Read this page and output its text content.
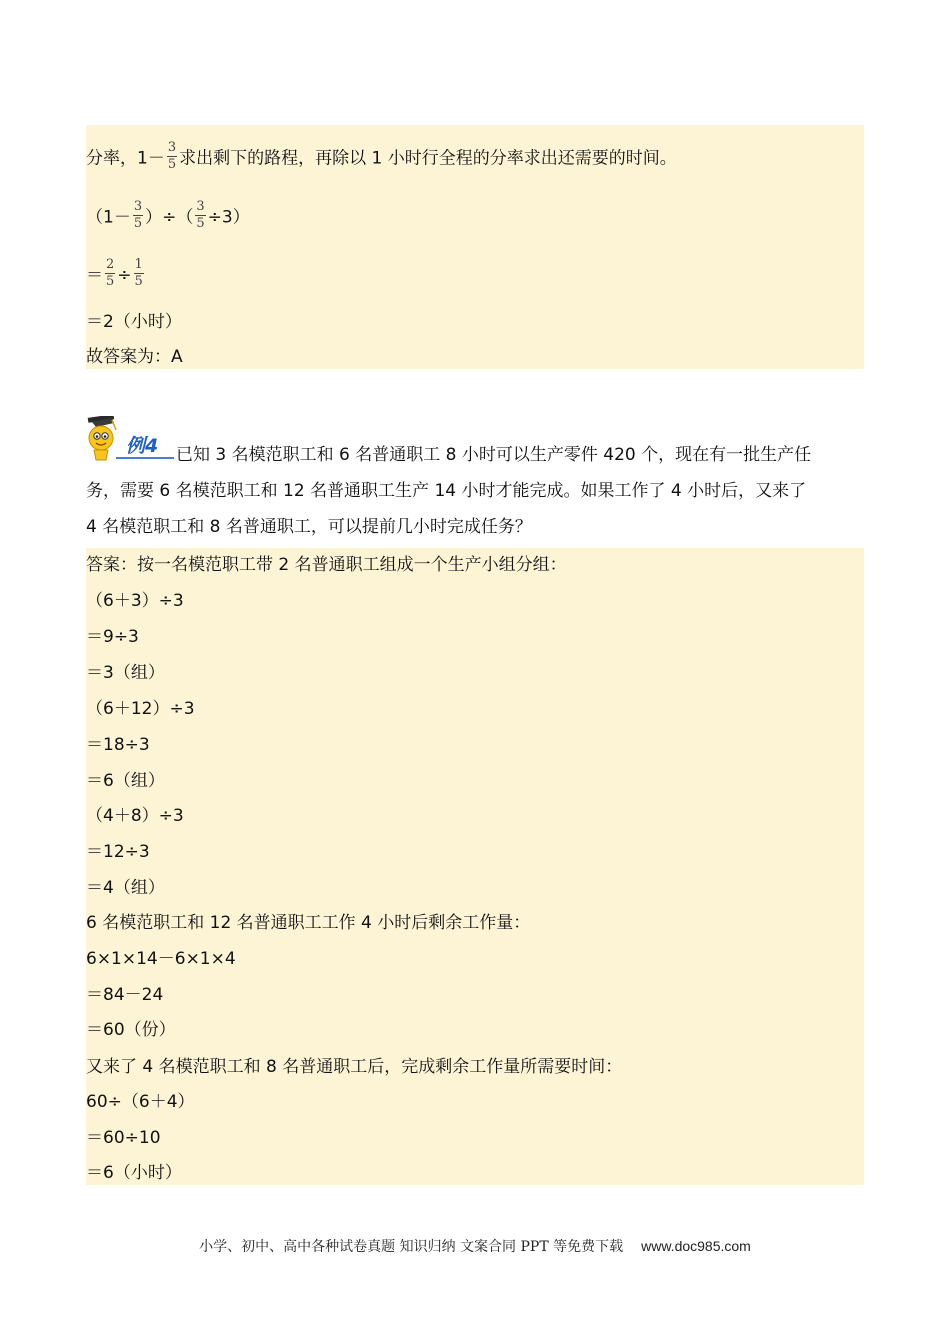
分率，$1- \frac{3}{5}$ 求出剩下的路程，再除以 1 小时行全程的分率求出还需要的时间。
（$1- \frac{3}{5}$ ）÷（ $\frac{3}{5} \div 3$）
＝ $\frac{2}{5} \div \frac{1}{5}$
＝2（小时）
故答案为：A
例4	已知 3 名模范职工和 6 名普通职工 8 小时可以生产零件 420 个，现在有一批生产任
务，需要 6 名模范职工和 12 名普通职工生产 14 小时才能完成。如果工作了 4 小时后，又来了
4 名模范职工和 8 名普通职工，可以提前几小时完成任务？
答案：按一名模范职工带 2 名普通职工组成一个生产小组分组：
（6＋3）÷3
＝9÷3
＝3（组）
（6＋12）÷3
＝18÷3
＝6（组）
（4＋8）÷3
＝12÷3
＝4（组）
6 名模范职工和 12 名普通职工工作 4 小时后剩余工作量：
6×1×14－6×1×4
＝84－24
＝60（份）
又来了 4 名模范职工和 8 名普通职工后，完成剩余工作量所需要时间：
60÷（6＋4）
＝60÷10
＝6（小时）
小学、初中、高中各种试卷真题 知识归纳 文案合同 PPT 等免费下载 www.doc985.com
